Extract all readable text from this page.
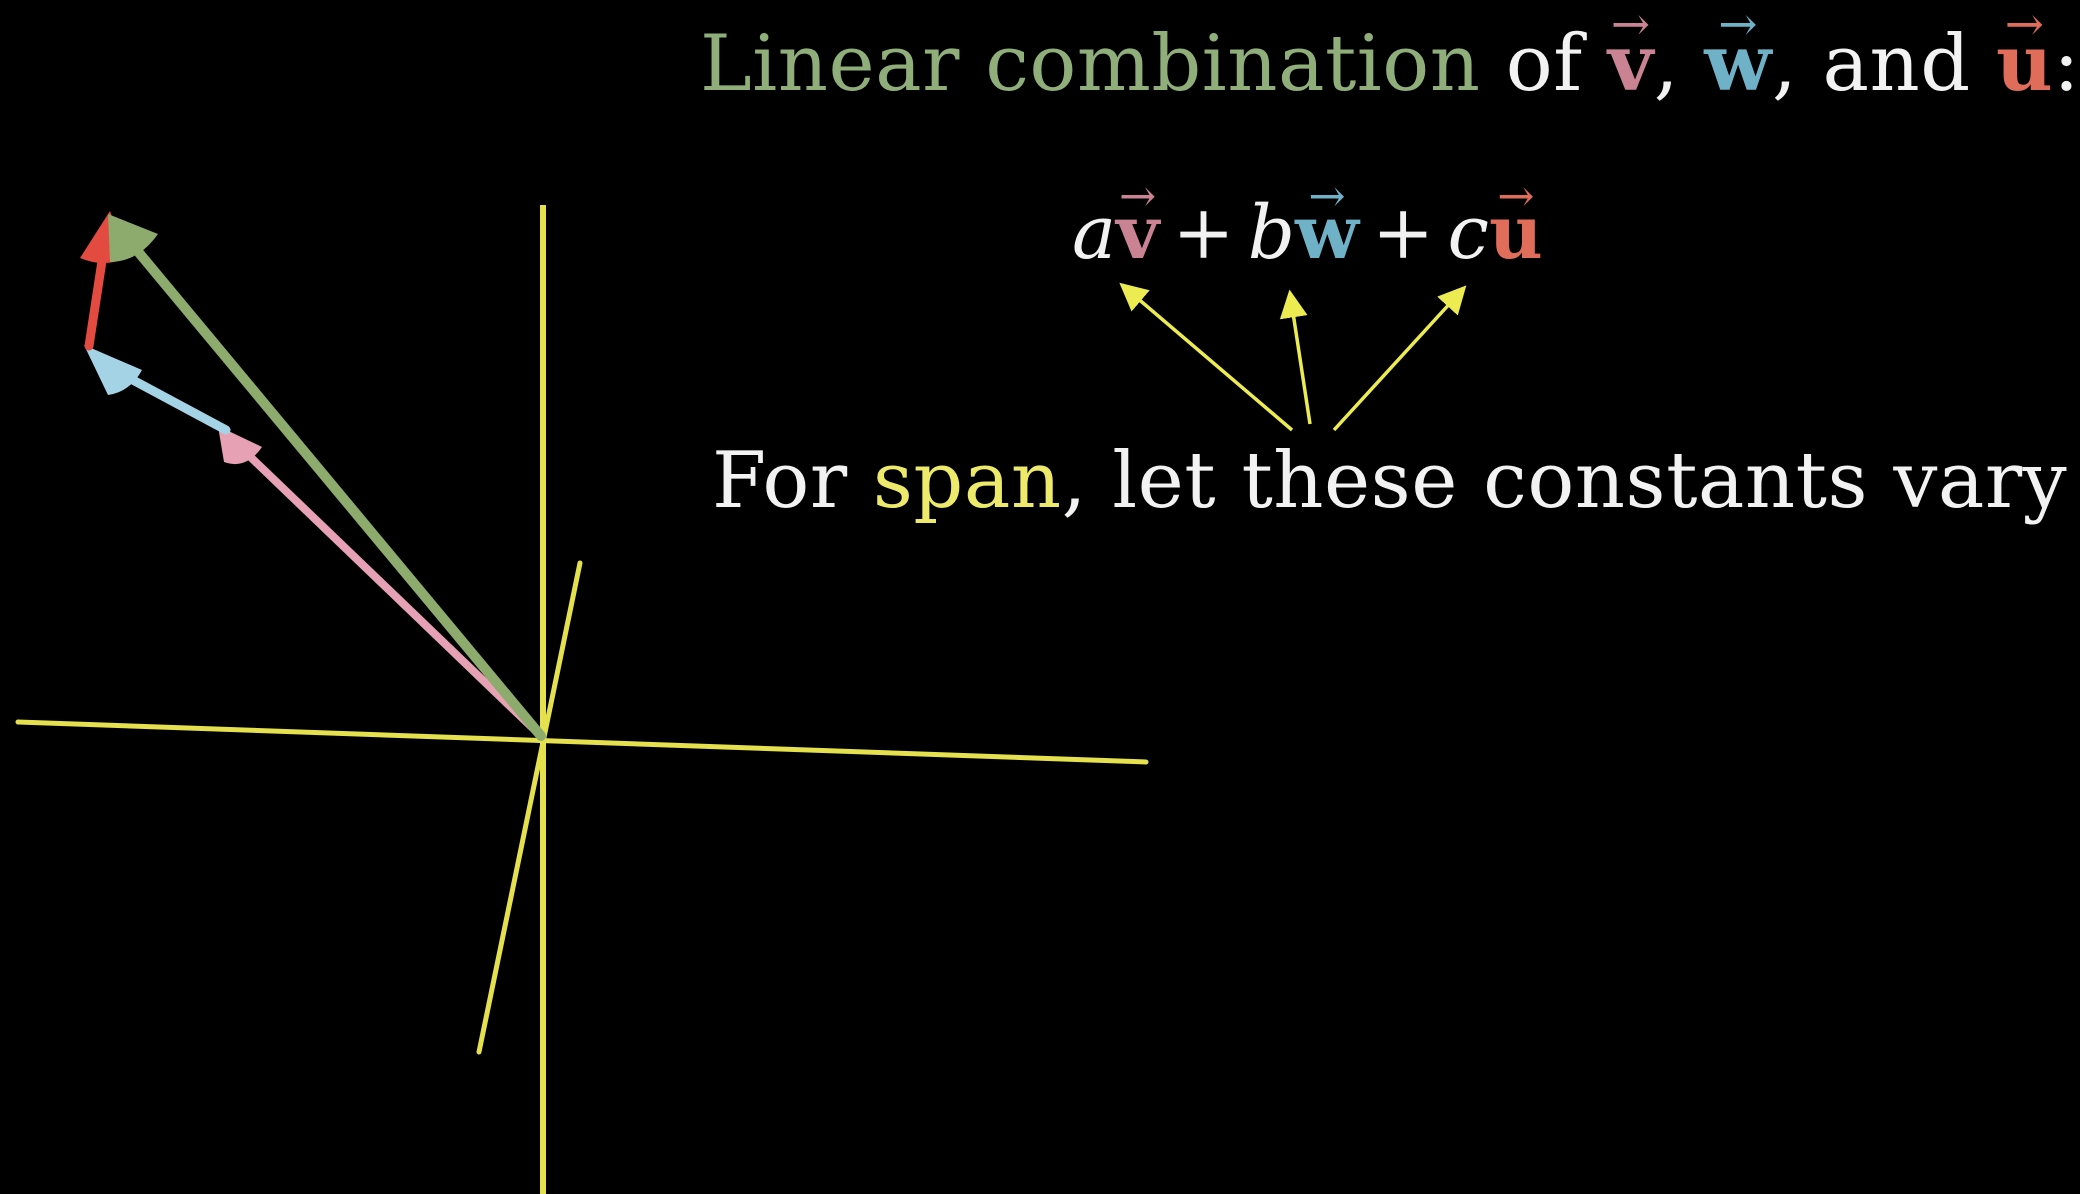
Linear combination of → v, → w, and → u:
a→ v + b→ w + c→ u
For span, let these constants vary
